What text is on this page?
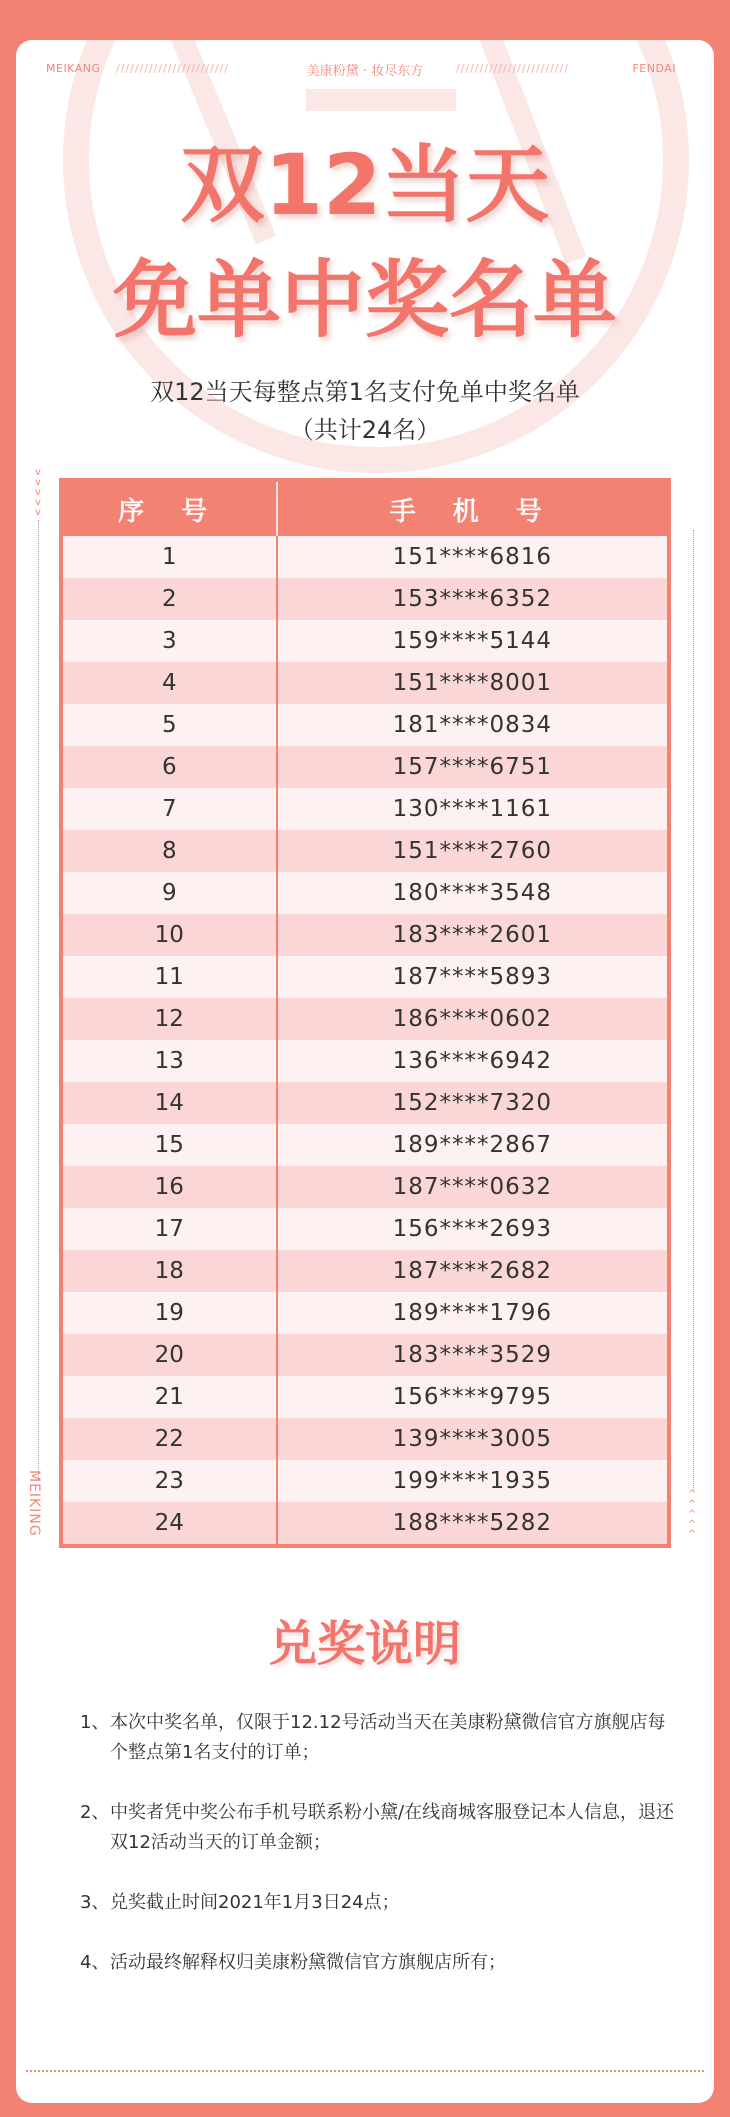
MEIKANG ////////////////////////	美康粉黛 · 妆尽东方	////////////////////////	FENDAI
双12当天
免单中奖名单
双12当天每整点第1名支付免单中奖名单
（共计24名）
v
v
v
v
v
MEIKING	^
^
^
^
^
序 号	手 机 号
1	151****6816
2	153****6352
3	159****5144
4	151****8001
5	181****0834
6	157****6751
7	130****1161
8	151****2760
9	180****3548
10	183****2601
11	187****5893
12	186****0602
13	136****6942
14	152****7320
15	189****2867
16	187****0632
17	156****2693
18	187****2682
19	189****1796
20	183****3529
21	156****9795
22	139****3005
23	199****1935
24	188****5282
兑奖说明
1、 本次中奖名单，仅限于12.12号活动当天在美康粉黛微信官方旗舰店每个整点第1名支付的订单；
2、 中奖者凭中奖公布手机号联系粉小黛/在线商城客服登记本人信息，退还双12活动当天的订单金额；
3、 兑奖截止时间2021年1月3日24点；
4、 活动最终解释权归美康粉黛微信官方旗舰店所有；
